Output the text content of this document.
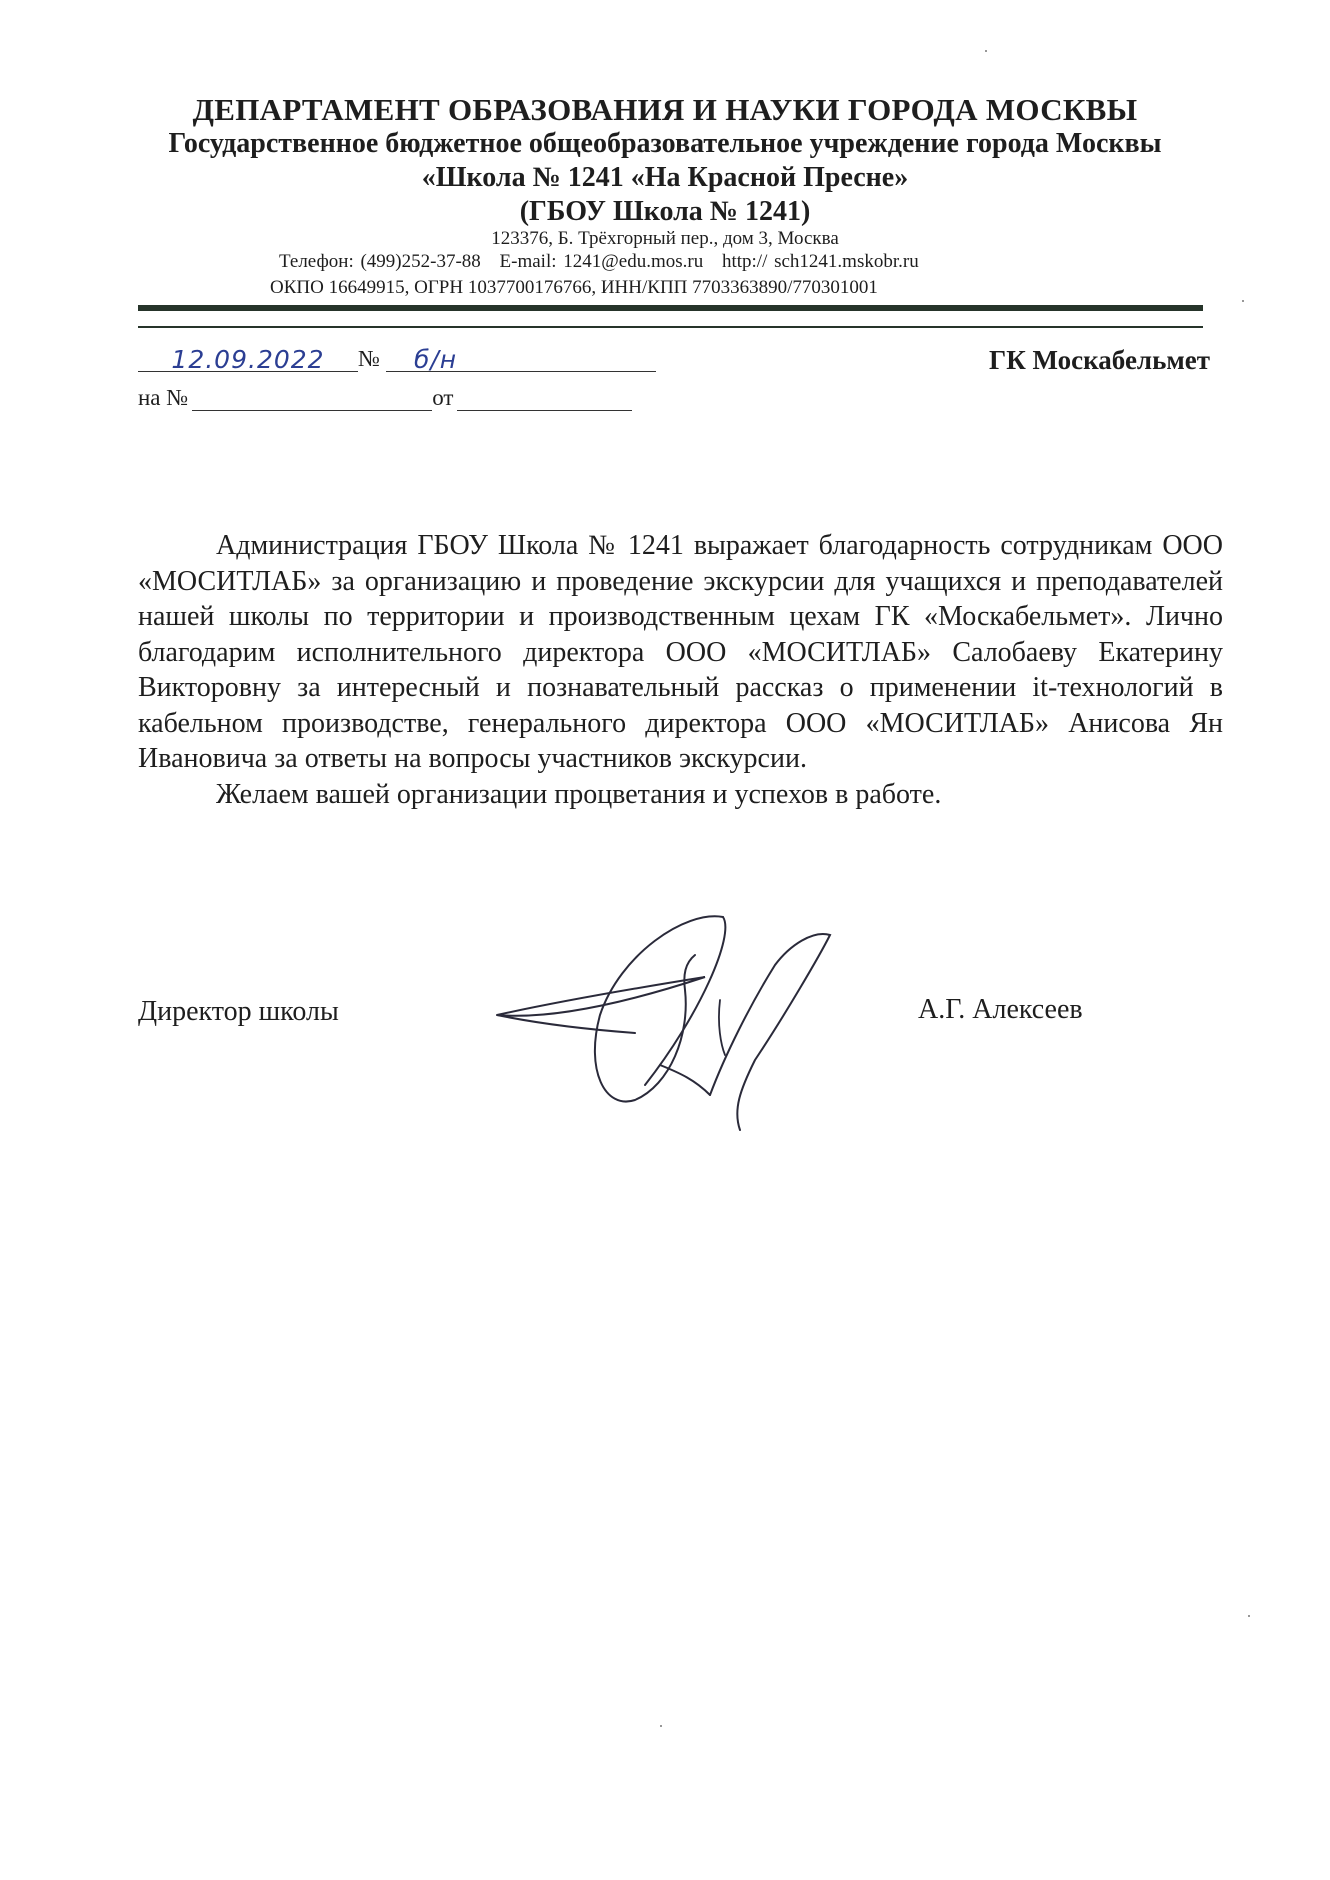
ДЕПАРТАМЕНТ ОБРАЗОВАНИЯ И НАУКИ ГОРОДА МОСКВЫ
Государственное бюджетное общеобразовательное учреждение города Москвы
«Школа № 1241 «На Красной Пресне»
(ГБОУ Школа № 1241)
123376, Б. Трёхгорный пер., дом 3, Москва
Телефон: (499)252-37-88 E-mail: 1241@edu.mos.ru http:// sch1241.mskobr.ru
ОКПО 16649915, ОГРН 1037700176766, ИНН/КПП 7703363890/770301001
12.09.2022 № б/н
на №	от
ГК Москабельмет

Администрация ГБОУ Школа № 1241 выражает благодарность сотрудникам ООО «МОСИТЛАБ» за организацию и проведение экскурсии для учащихся и преподавателей нашей школы по территории и производственным цехам ГК «Москабельмет». Лично благодарим исполнительного директора ООО «МОСИТЛАБ» Салобаеву Екатерину Викторовну за интересный и познавательный рассказ о применении it-технологий в кабельном производстве, генерального директора ООО «МОСИТЛАБ» Анисова Ян Ивановича за ответы на вопросы участников экскурсии.

Желаем вашей организации процветания и успехов в работе.

Директор школы	А.Г. Алексеев
